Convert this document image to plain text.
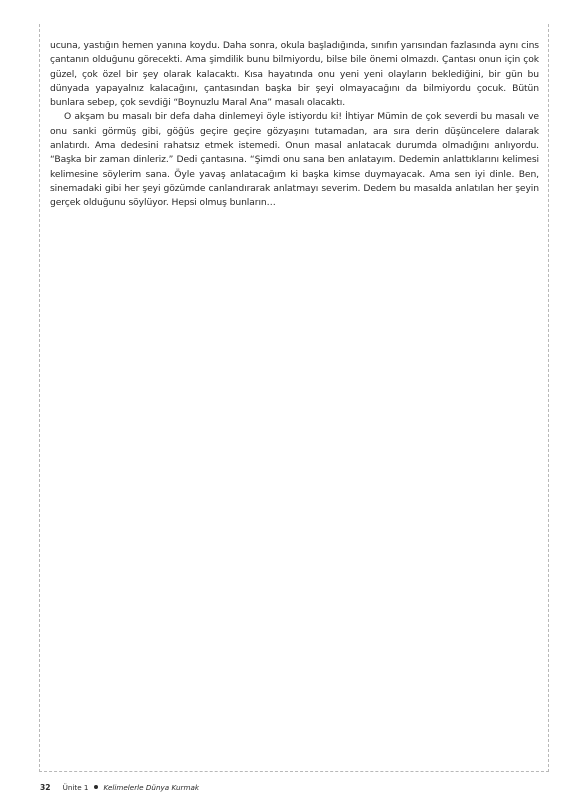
ucuna, yastığın hemen yanına koydu. Daha sonra, okula başladığında, sınıfın yarısından fazlasında aynı cins çantanın olduğunu görecekti. Ama şimdilik bunu bilmiyordu, bilse bile önemi olmazdı. Çantası onun için çok güzel, çok özel bir şey olarak kalacaktı. Kısa hayatında onu yeni yeni olayların beklediğini, bir gün bu dünyada yapayalnız kalacağını, çantasından başka bir şeyi olmayacağını da bilmiyordu çocuk. Bütün bunlara sebep, çok sevdiği “Boynuzlu Maral Ana” masalı olacaktı.

O akşam bu masalı bir defa daha dinlemeyi öyle istiyordu ki! İhtiyar Mümin de çok severdi bu masalı ve onu sanki görmüş gibi, göğüs geçire geçire gözyaşını tutamadan, ara sıra derin düşüncelere dalarak anlatırdı. Ama dedesini rahatsız etmek istemedi. Onun masal anlatacak durumda olmadığını anlıyordu. “Başka bir zaman dinleriz.” Dedi çantasına. “Şimdi onu sana ben anlatayım. Dedemin anlattıklarını kelimesi kelimesine söylerim sana. Öyle yavaş anlatacağım ki başka kimse duymayacak. Ama sen iyi dinle. Ben, sinemadaki gibi her şeyi gözümde canlandırarak anlatmayı severim. Dedem bu masalda anlatılan her şeyin gerçek olduğunu söylüyor. Hepsi olmuş bunların…

32 Ünite 1 Kelimelerle Dünya Kurmak
